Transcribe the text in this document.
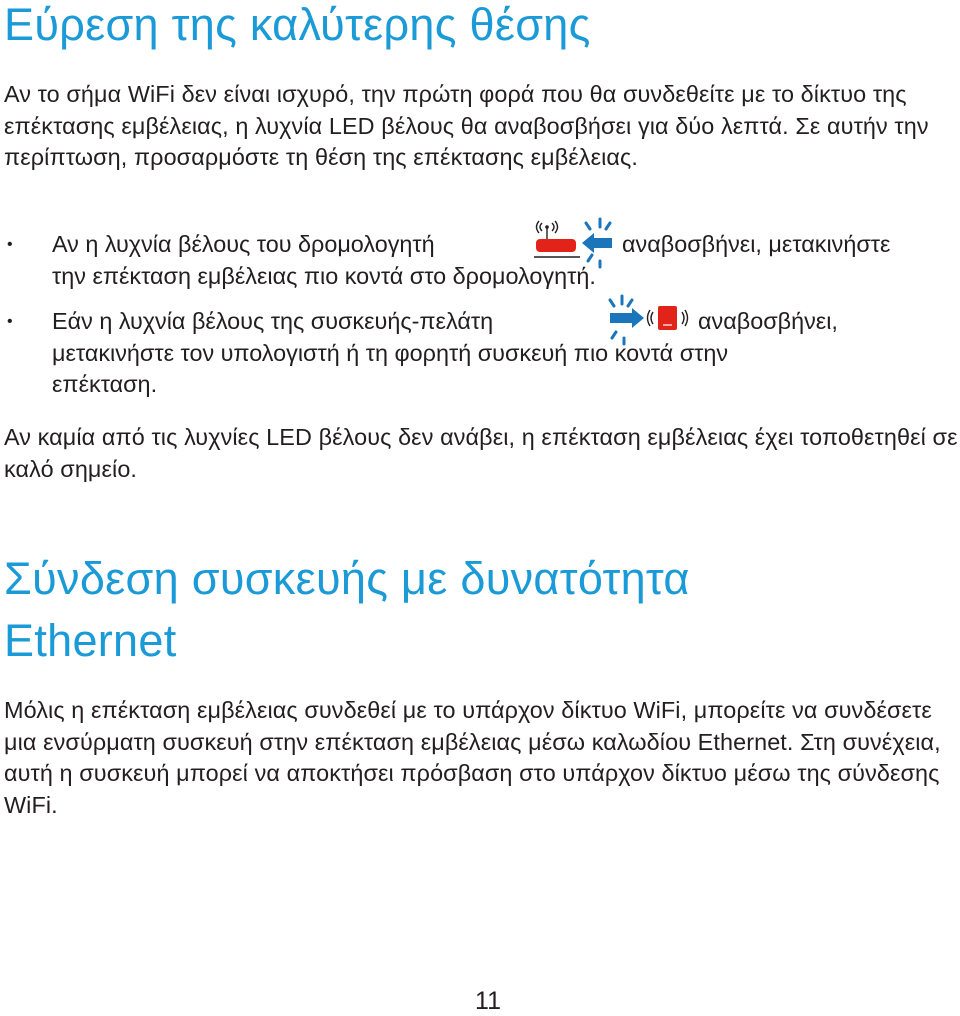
Εύρεση της καλύτερης θέσης

Αν το σήμα WiFi δεν είναι ισχυρό, την πρώτη φορά που θα συνδεθείτε με το δίκτυο της επέκτασης εμβέλειας, η λυχνία LED βέλους θα αναβοσβήσει για δύο λεπτά. Σε αυτήν την περίπτωση, προσαρμόστε τη θέση της επέκτασης εμβέλειας.

• Αν η λυχνία βέλους του δρομολογητή	αναβοσβήνει, μετακινήστε
την επέκταση εμβέλειας πιο κοντά στο δρομολογητή.
• Εάν η λυχνία βέλους της συσκευής-πελάτη	αναβοσβήνει,
μετακινήστε τον υπολογιστή ή τη φορητή συσκευή πιο κοντά στην
επέκταση.

Αν καμία από τις λυχνίες LED βέλους δεν ανάβει, η επέκταση εμβέλειας έχει τοποθετηθεί σε καλό σημείο.

Σύνδεση συσκευής με δυνατότητα
Ethernet

Μόλις η επέκταση εμβέλειας συνδεθεί με το υπάρχον δίκτυο WiFi, μπορείτε να συνδέσετε μια ενσύρματη συσκευή στην επέκταση εμβέλειας μέσω καλωδίου Ethernet. Στη συνέχεια, αυτή η συσκευή μπορεί να αποκτήσει πρόσβαση στο υπάρχον δίκτυο μέσω της σύνδεσης WiFi.

11
